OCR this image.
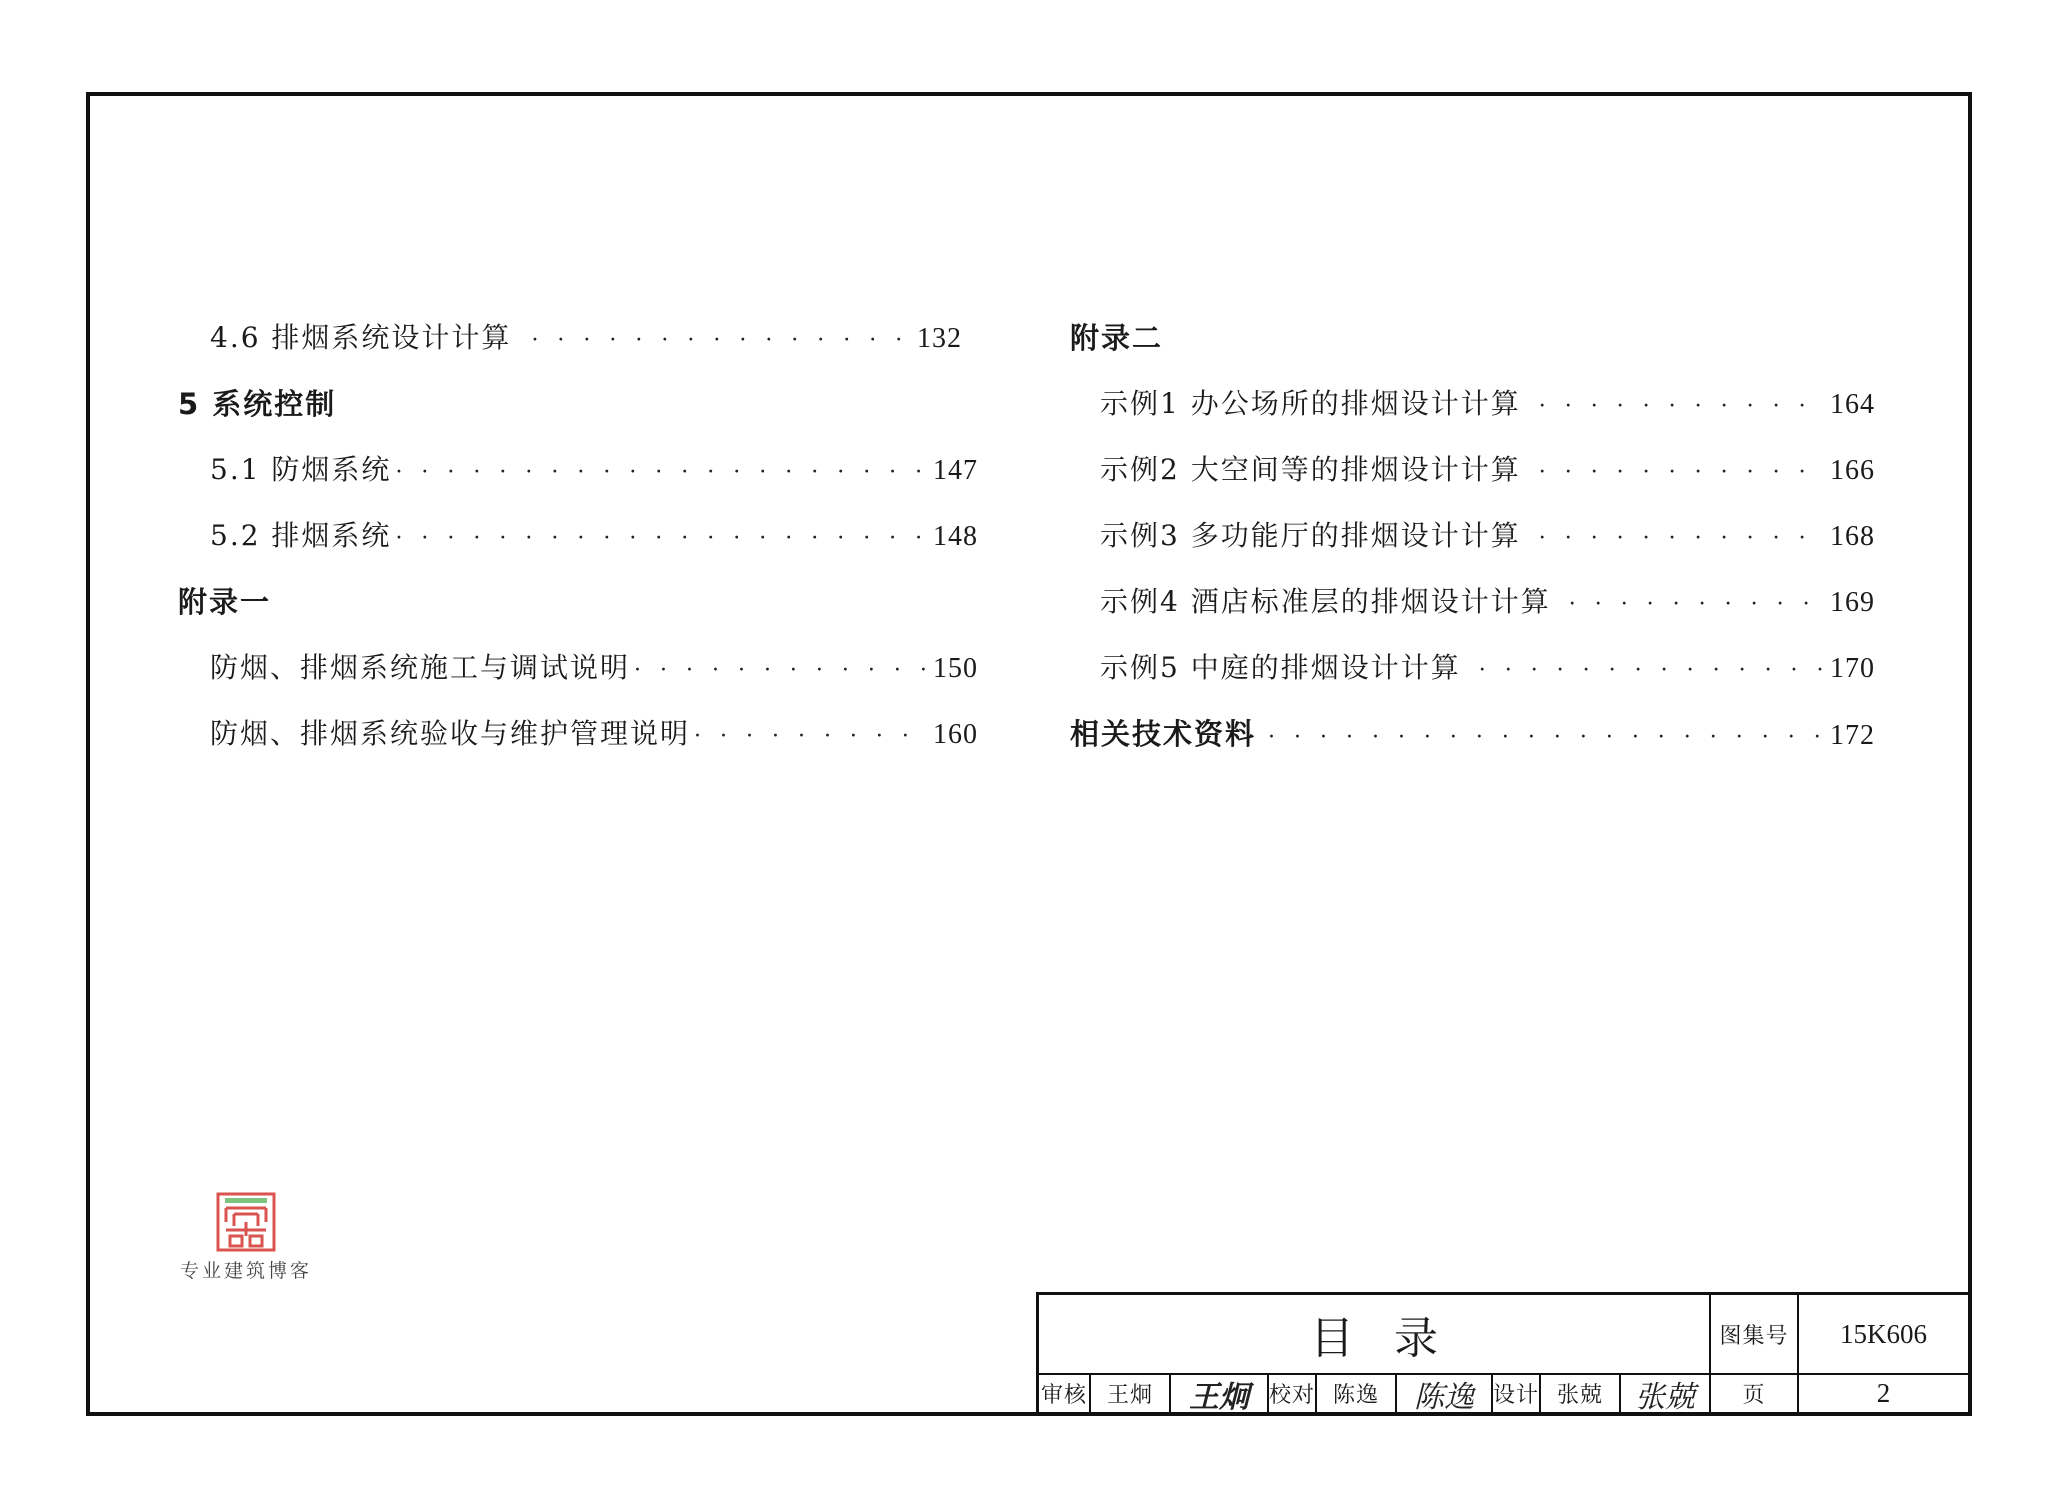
4.6 排烟系统设计计算 · · ·	132
5 系统控制
5.1 防烟系统 · · ·	147
5.2 排烟系统 · · ·	148
附录一
防烟、排烟系统施工与调试说明 · · ·	150
防烟、排烟系统验收与维护管理说明 · · ·	160
附录二
示例1 办公场所的排烟设计计算 · · ·	164
示例2 大空间等的排烟设计计算 · · ·	166
示例3 多功能厅的排烟设计计算 · · ·	168
示例4 酒店标准层的排烟设计计算 · · ·	169
示例5 中庭的排烟设计计算 · · ·	170
相关技术资料 · · ·	172
专业建筑博客
目录	图集号	15K606
审核 王炯	王炯 校对 陈逸	陈逸 设计 张兢	张兢	页	2
